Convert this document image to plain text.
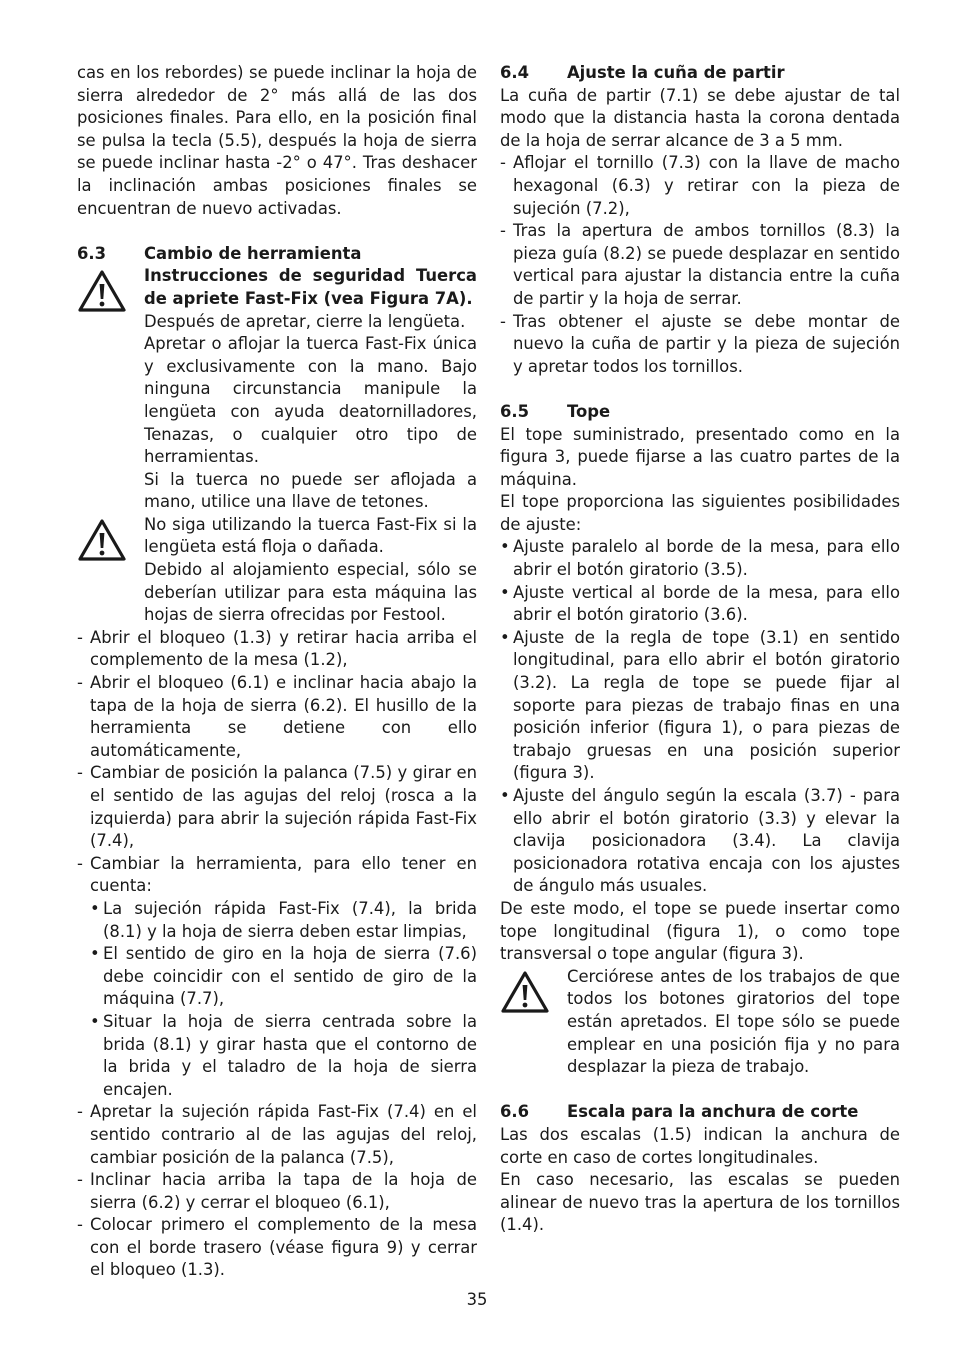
cas en los rebordes) se puede inclinar la hoja de sierra alrededor de 2° más allá de las dos posiciones finales. Para ello, en la posición final se pulsa la tecla (5.5), después la hoja de sierra se puede inclinar hasta -2° o 47°. Tras deshacer la inclinación ambas posiciones finales se encuentran de nuevo activadas.

6.3	Cambio de herramienta

Instrucciones de seguridad Tuerca de apriete Fast-Fix (vea Figura 7A).

Después de apretar, cierre la lengüeta.

Apretar o aflojar la tuerca Fast-Fix única y exclusivamente con la mano. Bajo ninguna circunstancia manipule la lengüeta con ayuda deatornilladores, Tenazas, o cualquier otro tipo de herramientas.

Si la tuerca no puede ser aflojada a mano, utilice una llave de tetones.

No siga utilizando la tuerca Fast-Fix si la lengüeta está floja o dañada.

Debido al alojamiento especial, sólo se deberían utilizar para esta máquina las hojas de sierra ofrecidas por Festool.

- Abrir el bloqueo (1.3) y retirar hacia arriba el complemento de la mesa (1.2),
- Abrir el bloqueo (6.1) e inclinar hacia abajo la tapa de la hoja de sierra (6.2). El husillo de la herramienta se detiene con ello automáticamente,
- Cambiar de posición la palanca (7.5) y girar en el sentido de las agujas del reloj (rosca a la izquierda) para abrir la sujeción rápida Fast-Fix (7.4),
- Cambiar la herramienta, para ello tener en cuenta:
• La sujeción rápida Fast-Fix (7.4), la brida (8.1) y la hoja de sierra deben estar limpias,
• El sentido de giro en la hoja de sierra (7.6) debe coincidir con el sentido de giro de la máquina (7.7),
• Situar la hoja de sierra centrada sobre la brida (8.1) y girar hasta que el contorno de la brida y el taladro de la hoja de sierra encajen.
- Apretar la sujeción rápida Fast-Fix (7.4) en el sentido contrario al de las agujas del reloj, cambiar posición de la palanca (7.5),
- Inclinar hacia arriba la tapa de la hoja de sierra (6.2) y cerrar el bloqueo (6.1),
- Colocar primero el complemento de la mesa con el borde trasero (véase figura 9) y cerrar el bloqueo (1.3).
6.4	Ajuste la cuña de partir

La cuña de partir (7.1) se debe ajustar de tal modo que la distancia hasta la corona dentada de la hoja de serrar alcance de 3 a 5 mm.

- Aflojar el tornillo (7.3) con la llave de macho hexagonal (6.3) y retirar con la pieza de sujeción (7.2),
- Tras la apertura de ambos tornillos (8.3) la pieza guía (8.2) se puede desplazar en sentido vertical para ajustar la distancia entre la cuña de partir y la hoja de serrar.
- Tras obtener el ajuste se debe montar de nuevo la cuña de partir y la pieza de sujeción y apretar todos los tornillos.
6.5	Tope

El tope suministrado, presentado como en la figura 3, puede fijarse a las cuatro partes de la máquina.

El tope proporciona las siguientes posibilidades de ajuste:

• Ajuste paralelo al borde de la mesa, para ello abrir el botón giratorio (3.5).
• Ajuste vertical al borde de la mesa, para ello abrir el botón giratorio (3.6).
• Ajuste de la regla de tope (3.1) en sentido longitudinal, para ello abrir el botón giratorio (3.2). La regla de tope se puede fijar al soporte para piezas de trabajo finas en una posición inferior (figura 1), o para piezas de trabajo gruesas en una posición superior (figura 3).
• Ajuste del ángulo según la escala (3.7) - para ello abrir el botón giratorio (3.3) y elevar la clavija posicionadora (3.4). La clavija posicionadora rotativa encaja con los ajustes de ángulo más usuales.

De este modo, el tope se puede insertar como tope longitudinal (figura 1), o como tope transversal o tope angular (figura 3).

Cerciórese antes de los trabajos de que todos los botones giratorios del tope están apretados. El tope sólo se puede emplear en una posición fija y no para desplazar la pieza de trabajo.

6.6	Escala para la anchura de corte

Las dos escalas (1.5) indican la anchura de corte en caso de cortes longitudinales.

En caso necesario, las escalas se pueden alinear de nuevo tras la apertura de los tornillos (1.4).

35
